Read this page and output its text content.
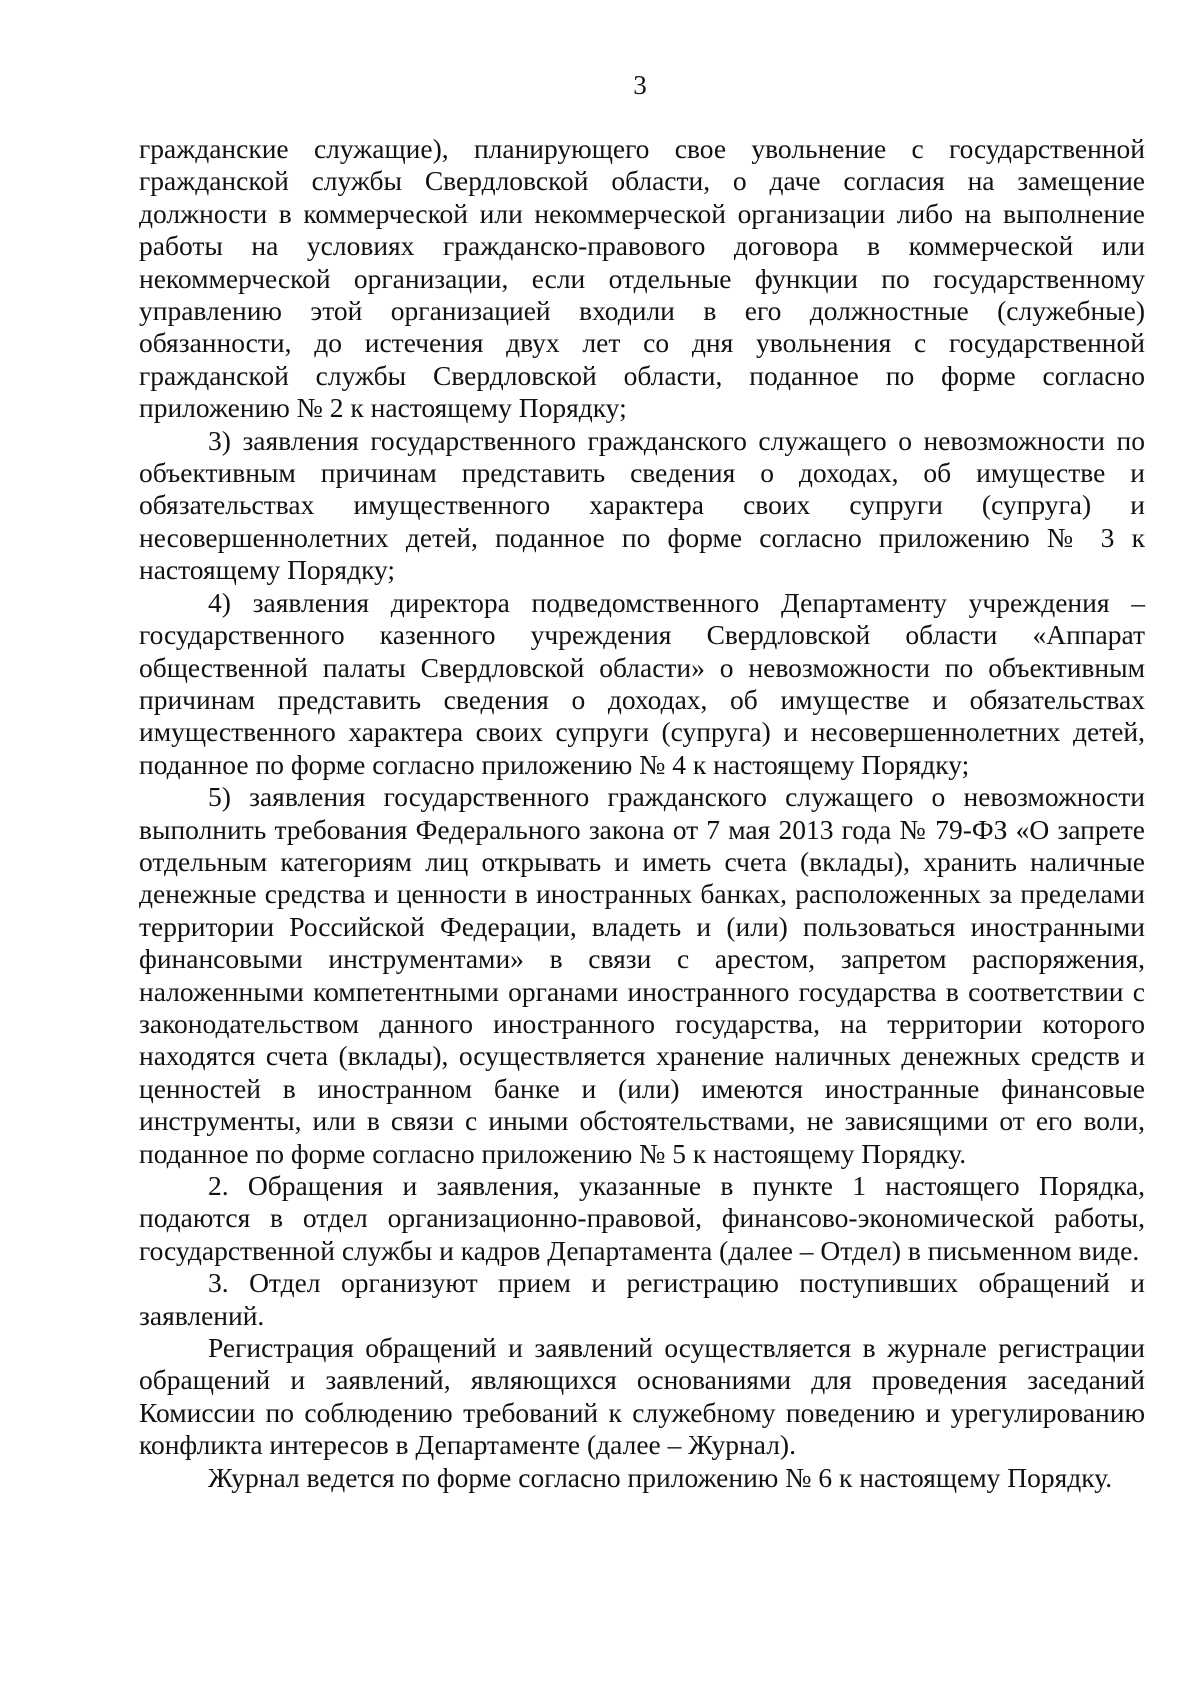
3

гражданские служащие), планирующего свое увольнение с государственной гражданской службы Свердловской области, о даче согласия на замещение должности в коммерческой или некоммерческой организации либо на выполнение работы на условиях гражданско-правового договора в коммерческой или некоммерческой организации, если отдельные функции по государственному управлению этой организацией входили в его должностные (служебные) обязанности, до истечения двух лет со дня увольнения с государственной гражданской службы Свердловской области, поданное по форме согласно приложению № 2 к настоящему Порядку;

3) заявления государственного гражданского служащего о невозможности по объективным причинам представить сведения о доходах, об имуществе и обязательствах имущественного характера своих супруги (супруга) и несовершеннолетних детей, поданное по форме согласно приложению № 3 к настоящему Порядку;

4) заявления директора подведомственного Департаменту учреждения – государственного казенного учреждения Свердловской области «Аппарат общественной палаты Свердловской области» о невозможности по объективным причинам представить сведения о доходах, об имуществе и обязательствах имущественного характера своих супруги (супруга) и несовершеннолетних детей, поданное по форме согласно приложению № 4 к настоящему Порядку;

5) заявления государственного гражданского служащего о невозможности выполнить требования Федерального закона от 7 мая 2013 года № 79-ФЗ «О запрете отдельным категориям лиц открывать и иметь счета (вклады), хранить наличные денежные средства и ценности в иностранных банках, расположенных за пределами территории Российской Федерации, владеть и (или) пользоваться иностранными финансовыми инструментами» в связи с арестом, запретом распоряжения, наложенными компетентными органами иностранного государства в соответствии с законодательством данного иностранного государства, на территории которого находятся счета (вклады), осуществляется хранение наличных денежных средств и ценностей в иностранном банке и (или) имеются иностранные финансовые инструменты, или в связи с иными обстоятельствами, не зависящими от его воли, поданное по форме согласно приложению № 5 к настоящему Порядку.

2. Обращения и заявления, указанные в пункте 1 настоящего Порядка, подаются в отдел организационно-правовой, финансово-экономической работы, государственной службы и кадров Департамента (далее – Отдел) в письменном виде.

3. Отдел организуют прием и регистрацию поступивших обращений и заявлений.

Регистрация обращений и заявлений осуществляется в журнале регистрации обращений и заявлений, являющихся основаниями для проведения заседаний Комиссии по соблюдению требований к служебному поведению и урегулированию конфликта интересов в Департаменте (далее – Журнал).

Журнал ведется по форме согласно приложению № 6 к настоящему Порядку.
